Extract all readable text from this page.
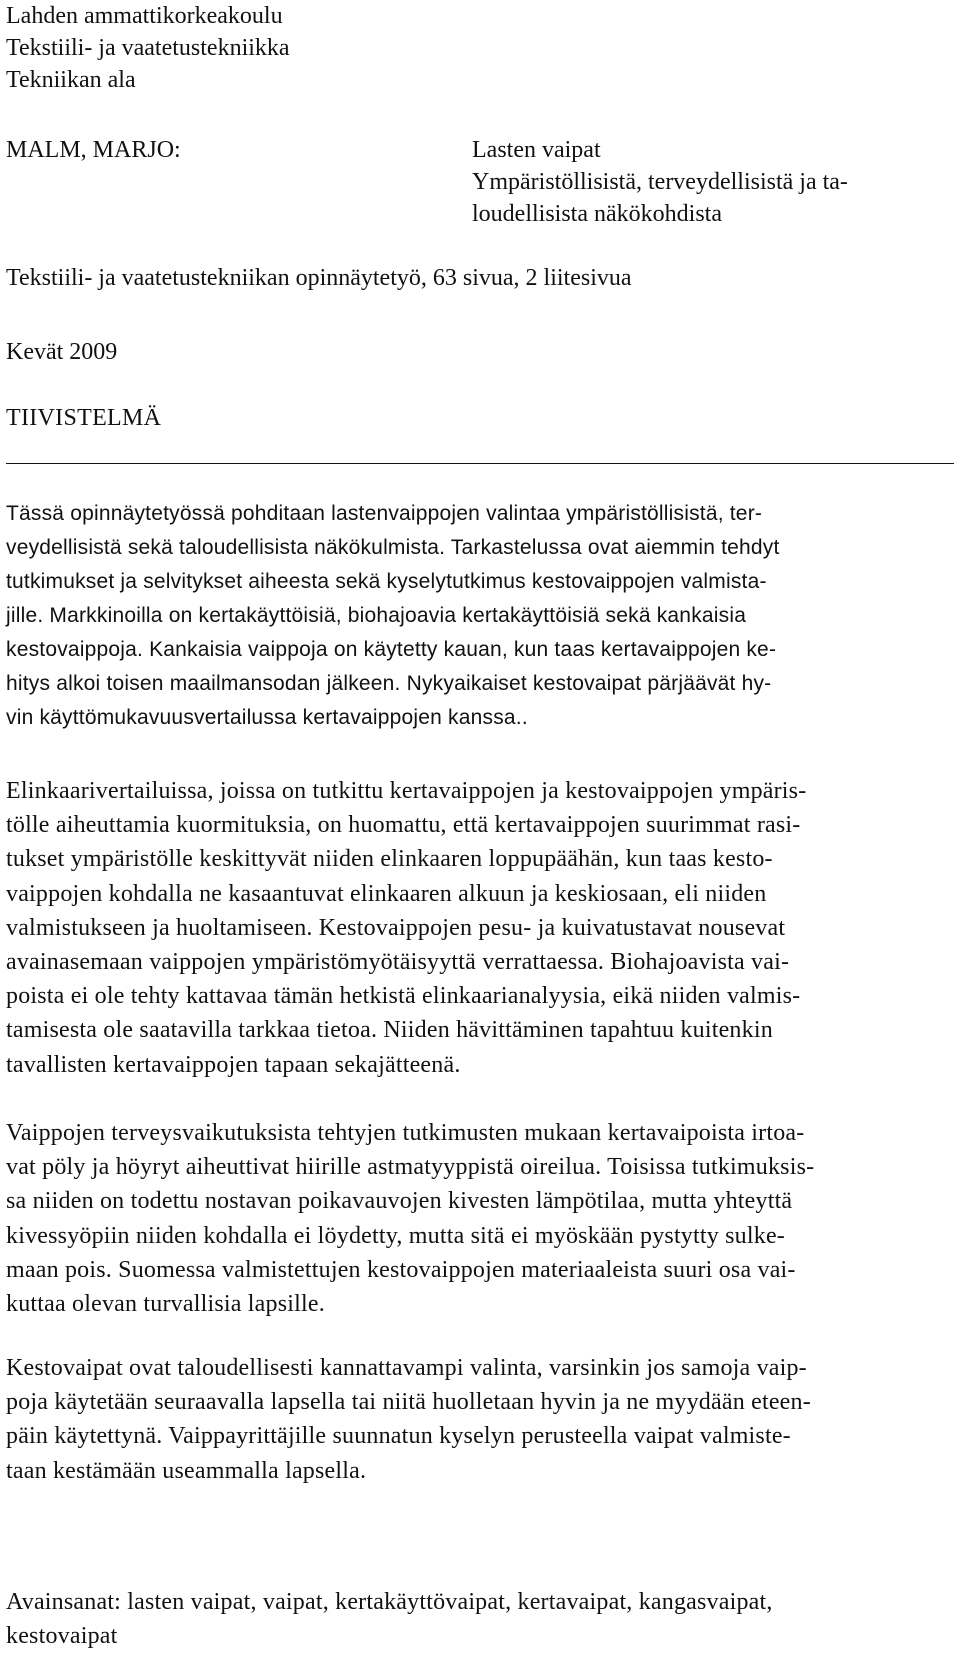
Lahden ammattikorkeakoulu
Tekstiili- ja vaatetustekniikka
Tekniikan ala
MALM, MARJO:	Lasten vaipat
Ympäristöllisistä, terveydellisistä ja ta-
loudellisista näkökohdista
Tekstiili- ja vaatetustekniikan opinnäytetyö, 63 sivua, 2 liitesivua
Kevät 2009
TIIVISTELMÄ
Tässä opinnäytetyössä pohditaan lastenvaippojen valintaa ympäristöllisistä, ter-
veydellisistä sekä taloudellisista näkökulmista. Tarkastelussa ovat aiemmin tehdyt
tutkimukset ja selvitykset aiheesta sekä kyselytutkimus kestovaippojen valmista-
jille. Markkinoilla on kertakäyttöisiä, biohajoavia kertakäyttöisiä sekä kankaisia
kestovaippoja. Kankaisia vaippoja on käytetty kauan, kun taas kertavaippojen ke-
hitys alkoi toisen maailmansodan jälkeen. Nykyaikaiset kestovaipat pärjäävät hy-
vin käyttömukavuusvertailussa kertavaippojen kanssa..
Elinkaarivertailuissa, joissa on tutkittu kertavaippojen ja kestovaippojen ympäris-
tölle aiheuttamia kuormituksia, on huomattu, että kertavaippojen suurimmat rasi-
tukset ympäristölle keskittyvät niiden elinkaaren loppupäähän, kun taas kesto-
vaippojen kohdalla ne kasaantuvat elinkaaren alkuun ja keskiosaan, eli niiden
valmistukseen ja huoltamiseen. Kestovaippojen pesu- ja kuivatustavat nousevat
avainasemaan vaippojen ympäristömyötäisyyttä verrattaessa. Biohajoavista vai-
poista ei ole tehty kattavaa tämän hetkistä elinkaarianalyysia, eikä niiden valmis-
tamisesta ole saatavilla tarkkaa tietoa. Niiden hävittäminen tapahtuu kuitenkin
tavallisten kertavaippojen tapaan sekajätteenä.
Vaippojen terveysvaikutuksista tehtyjen tutkimusten mukaan kertavaipoista irtoa-
vat pöly ja höyryt aiheuttivat hiirille astmatyyppistä oireilua. Toisissa tutkimuksis-
sa niiden on todettu nostavan poikavauvojen kivesten lämpötilaa, mutta yhteyttä
kivessyöpiin niiden kohdalla ei löydetty, mutta sitä ei myöskään pystytty sulke-
maan pois. Suomessa valmistettujen kestovaippojen materiaaleista suuri osa vai-
kuttaa olevan turvallisia lapsille.
Kestovaipat ovat taloudellisesti kannattavampi valinta, varsinkin jos samoja vaip-
poja käytetään seuraavalla lapsella tai niitä huolletaan hyvin ja ne myydään eteen-
päin käytettynä. Vaippayrittäjille suunnatun kyselyn perusteella vaipat valmiste-
taan kestämään useammalla lapsella.
Avainsanat: lasten vaipat, vaipat, kertakäyttövaipat, kertavaipat, kangasvaipat,
kestovaipat
